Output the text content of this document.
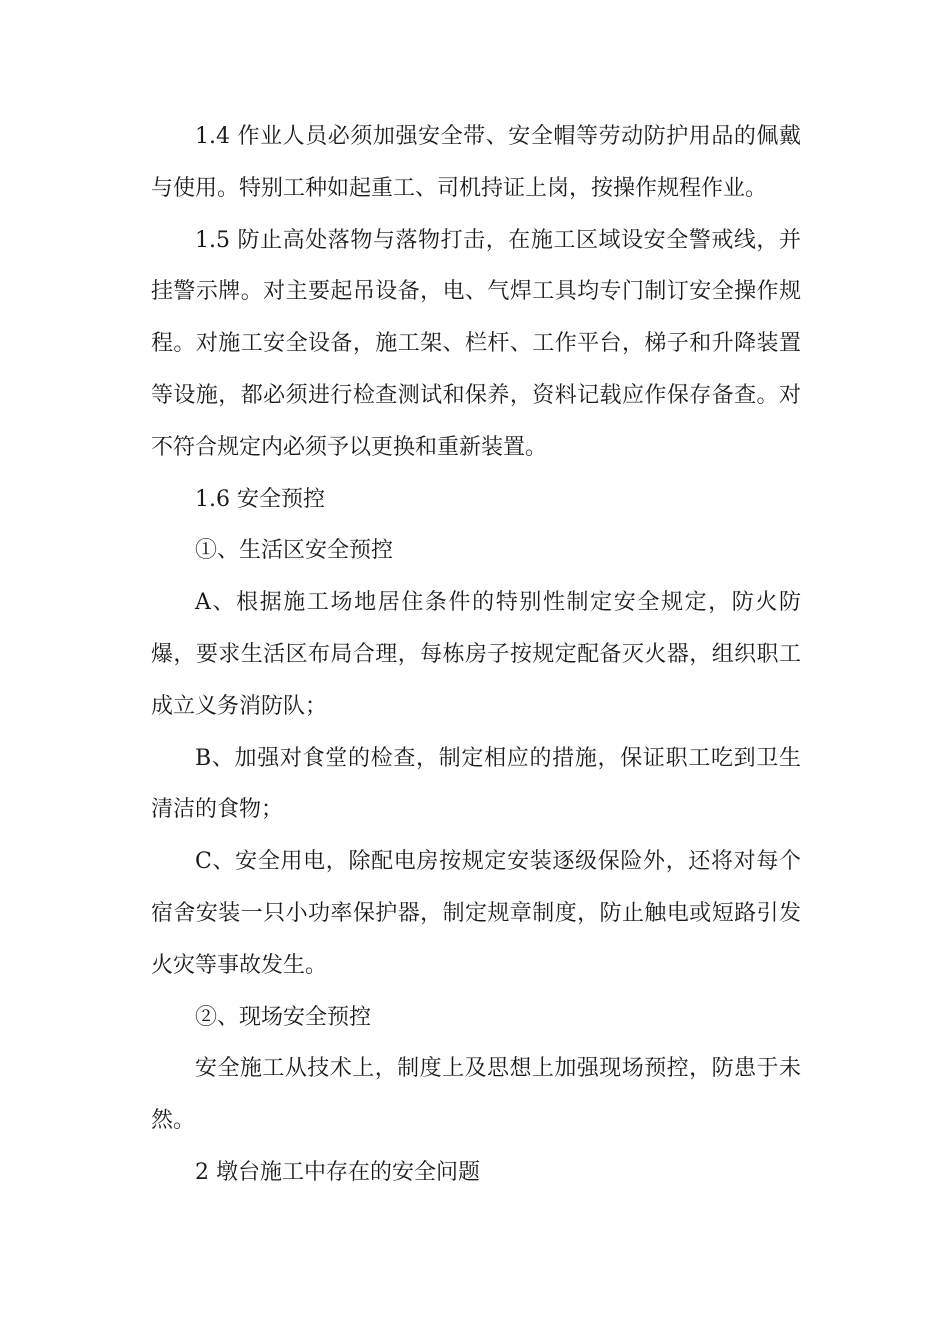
1.4 作业人员必须加强安全带、安全帽等劳动防护用品的佩戴与使用。特别工种如起重工、司机持证上岗，按操作规程作业。

1.5 防止高处落物与落物打击，在施工区域设安全警戒线，并挂警示牌。对主要起吊设备，电、气焊工具均专门制订安全操作规程。对施工安全设备，施工架、栏杆、工作平台，梯子和升降装置等设施，都必须进行检查测试和保养，资料记载应作保存备查。对不符合规定内必须予以更换和重新装置。

1.6 安全预控

①、生活区安全预控

A、根据施工场地居住条件的特别性制定安全规定，防火防爆，要求生活区布局合理，每栋房子按规定配备灭火器，组织职工成立义务消防队；

B、加强对食堂的检查，制定相应的措施，保证职工吃到卫生清洁的食物；

C、安全用电，除配电房按规定安装逐级保险外，还将对每个宿舍安装一只小功率保护器，制定规章制度，防止触电或短路引发火灾等事故发生。

②、现场安全预控

安全施工从技术上，制度上及思想上加强现场预控，防患于未然。

2 墩台施工中存在的安全问题
